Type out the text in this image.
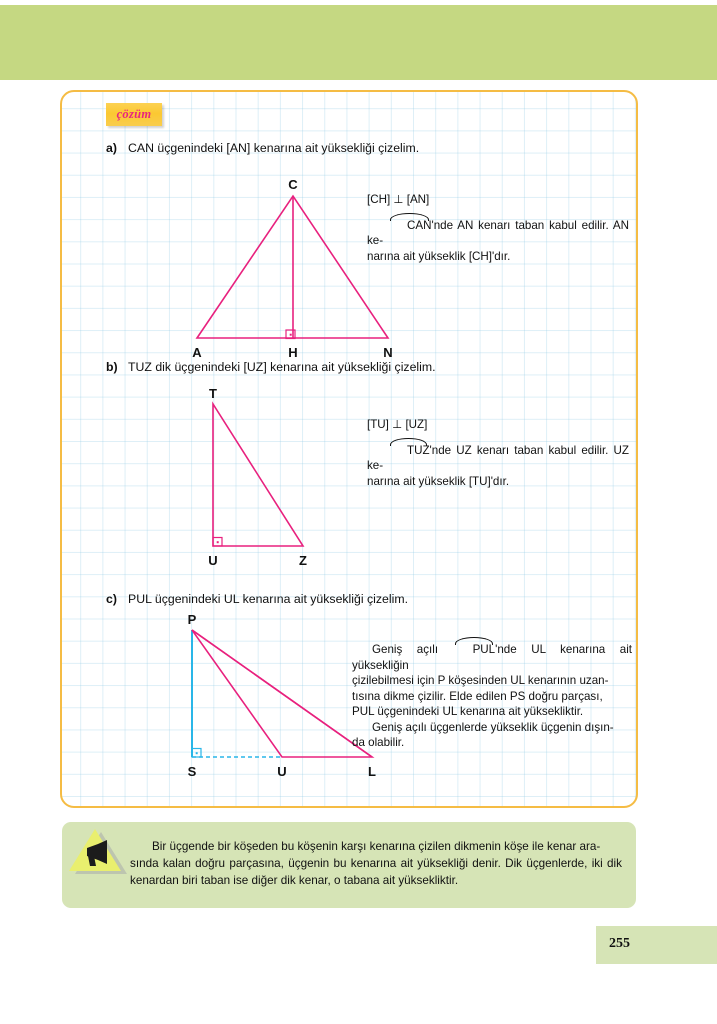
çözüm
a) CAN üçgenindeki [AN] kenarına ait yüksekliği çizelim.
C
A	H	N
[CH] ⊥ [AN]
CAN'nde AN kenarı taban kabul edilir. AN ke-
narına ait yükseklik [CH]'dır.
b) TUZ dik üçgenindeki [UZ] kenarına ait yüksekliği çizelim.
T
U	Z
[TU] ⊥ [UZ]
TUZ'nde UZ kenarı taban kabul edilir. UZ ke-
narına ait yükseklik [TU]'dır.
c) PUL üçgenindeki UL kenarına ait yüksekliği çizelim.
P
S	U	L
Geniş açılı PUL'nde UL kenarına ait yüksekliğin
çizilebilmesi için P köşesinden UL kenarının uzan-
tısına dikme çizilir. Elde edilen PS doğru parçası,
PUL üçgenindeki UL kenarına ait yüksekliktir.
Geniş açılı üçgenlerde yükseklik üçgenin dışın-
da olabilir.
Bir üçgende bir köşeden bu köşenin karşı kenarına çizilen dikmenin köşe ile kenar ara-
sında kalan doğru parçasına, üçgenin bu kenarına ait yüksekliği denir. Dik üçgenlerde, iki dik kenardan biri taban ise diğer dik kenar, o tabana ait yüksekliktir.
255
